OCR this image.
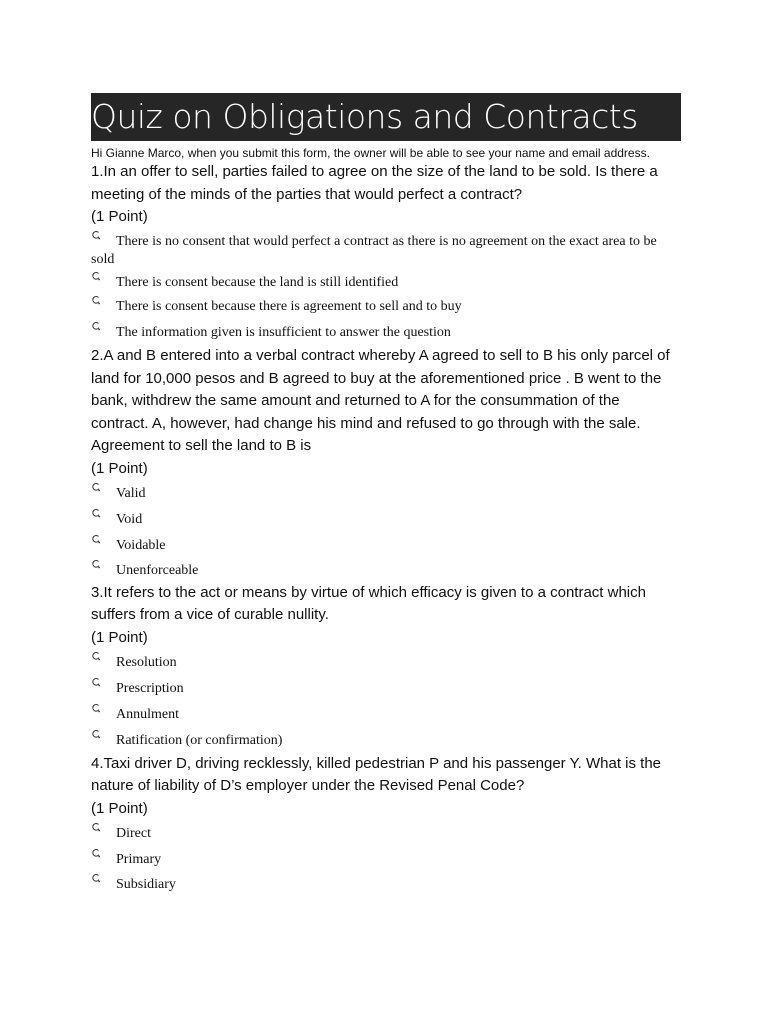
Quiz on Obligations and Contracts
Hi Gianne Marco, when you submit this form, the owner will be able to see your name and email address.
1.In an offer to sell, parties failed to agree on the size of the land to be sold. Is there a meeting of the minds of the parties that would perfect a contract?
(1 Point)
There is no consent that would perfect a contract as there is no agreement on the exact area to be sold
There is consent because the land is still identified
There is consent because there is agreement to sell and to buy
The information given is insufficient to answer the question
2.A and B entered into a verbal contract whereby A agreed to sell to B his only parcel of land for 10,000 pesos and B agreed to buy at the aforementioned price . B went to the bank, withdrew the same amount and returned to A for the consummation of the contract. A, however, had change his mind and refused to go through with the sale. Agreement to sell the land to B is
(1 Point)
Valid
Void
Voidable
Unenforceable
3.It refers to the act or means by virtue of which efficacy is given to a contract which suffers from a vice of curable nullity.
(1 Point)
Resolution
Prescription
Annulment
Ratification (or confirmation)
4.Taxi driver D, driving recklessly, killed pedestrian P and his passenger Y. What is the nature of liability of D’s employer under the Revised Penal Code?
(1 Point)
Direct
Primary
Subsidiary
